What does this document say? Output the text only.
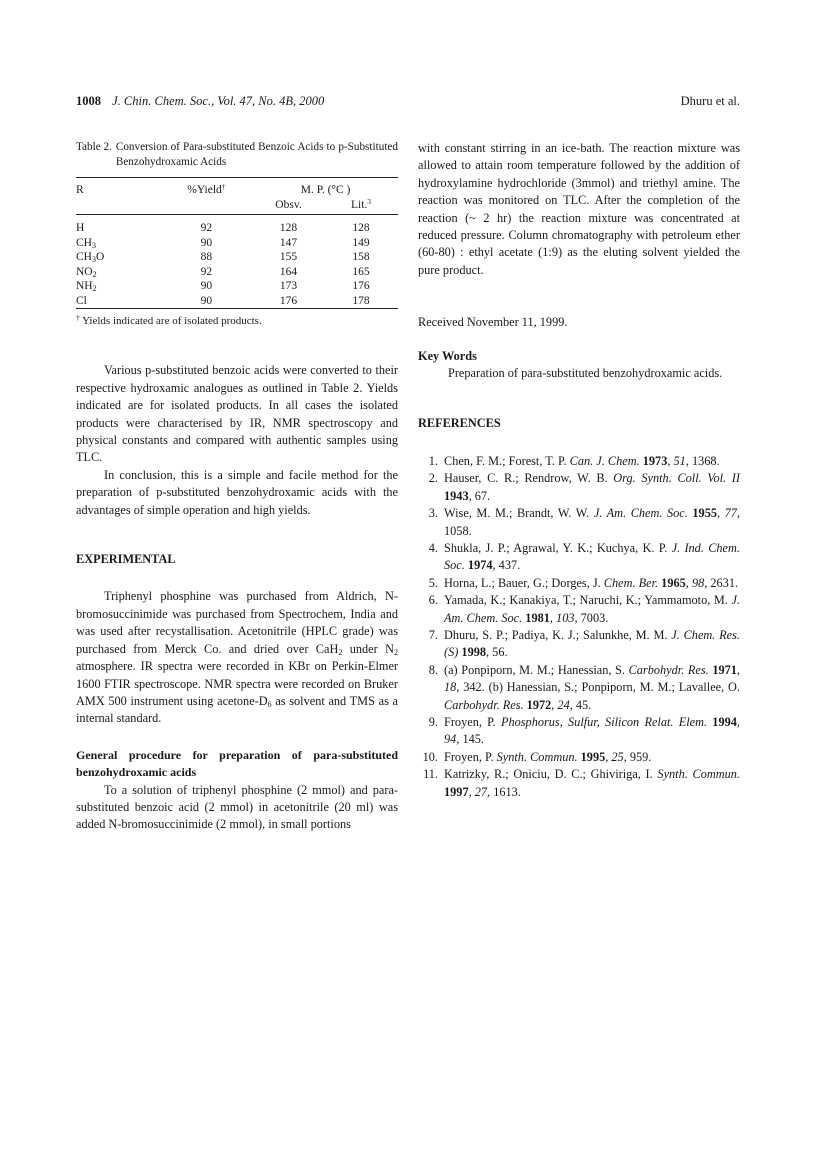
1008 J. Chin. Chem. Soc., Vol. 47, No. 4B, 2000	Dhuru et al.
Table 2. Conversion of Para-substituted Benzoic Acids to p-Substituted Benzohydroxamic Acids
R	%Yield†	M. P. (°C )	
		Obsv.	Lit.$^3$

H	92	128	128
$CH_3$	90	147	149
$CH_3O$	88	155	158
$NO_2$	92	164	165
$NH_2$	90	173	176
Cl	90	176	178

† Yields indicated are of isolated products.

Various p-substituted benzoic acids were converted to their respective hydroxamic analogues as outlined in Table 2. Yields indicated are for isolated products. In all cases the isolated products were characterised by IR, NMR spectroscopy and physical constants and compared with authentic samples using TLC.

In conclusion, this is a simple and facile method for the preparation of p-substituted benzohydroxamic acids with the advantages of simple operation and high yields.

EXPERIMENTAL

Triphenyl phosphine was purchased from Aldrich, N-bromosuccinimide was purchased from Spectrochem, India and was used after recystallisation. Acetonitrile (HPLC grade) was purchased from Merck Co. and dried over CaH$_2$ under $N_2$ atmosphere. IR spectra were recorded in KBr on Perkin-Elmer 1600 FTIR spectroscope. NMR spectra were recorded on Bruker AMX 500 instrument using acetone-$D_6$ as solvent and TMS as a internal standard.

General procedure for preparation of para-substituted benzohydroxamic acids

To a solution of triphenyl phosphine (2 mmol) and para-substituted benzoic acid (2 mmol) in acetonitrile (20 ml) was added N-bromosuccinimide (2 mmol), in small portions

with constant stirring in an ice-bath. The reaction mixture was allowed to attain room temperature followed by the addition of hydroxylamine hydrochloride (3mmol) and triethyl amine. The reaction was monitored on TLC. After the completion of the reaction (~ 2 hr) the reaction mixture was concentrated at reduced pressure. Column chromatography with petroleum ether (60-80) : ethyl acetate (1:9) as the eluting solvent yielded the pure product.
Received November 11, 1999.
Key Words
Preparation of para-substituted benzohydroxamic acids.
REFERENCES
1. Chen, F. M.; Forest, T. P. Can. J. Chem. 1973, 51, 1368.
2. Hauser, C. R.; Rendrow, W. B. Org. Synth. Coll. Vol. II 1943, 67.
3. Wise, M. M.; Brandt, W. W. J. Am. Chem. Soc. 1955, 77, 1058.
4. Shukla, J. P.; Agrawal, Y. K.; Kuchya, K. P. J. Ind. Chem. Soc. 1974, 437.
5. Horna, L.; Bauer, G.; Dorges, J. Chem. Ber. 1965, 98, 2631.
6. Yamada, K.; Kanakiya, T.; Naruchi, K.; Yammamoto, M. J. Am. Chem. Soc. 1981, 103, 7003.
7. Dhuru, S. P.; Padiya, K. J.; Salunkhe, M. M. J. Chem. Res.(S) 1998, 56.
8. (a) Ponpiporn, M. M.; Hanessian, S. Carbohydr. Res. 1971, 18, 342. (b) Hanessian, S.; Ponpiporn, M. M.; Lavallee, O. Carbohydr. Res. 1972, 24, 45.
9. Froyen, P. Phosphorus, Sulfur, Silicon Relat. Elem. 1994, 94, 145.
10. Froyen, P. Synth. Commun. 1995, 25, 959.
11. Katrizky, R.; Oniciu, D. C.; Ghiviriga, I. Synth. Commun. 1997, 27, 1613.
